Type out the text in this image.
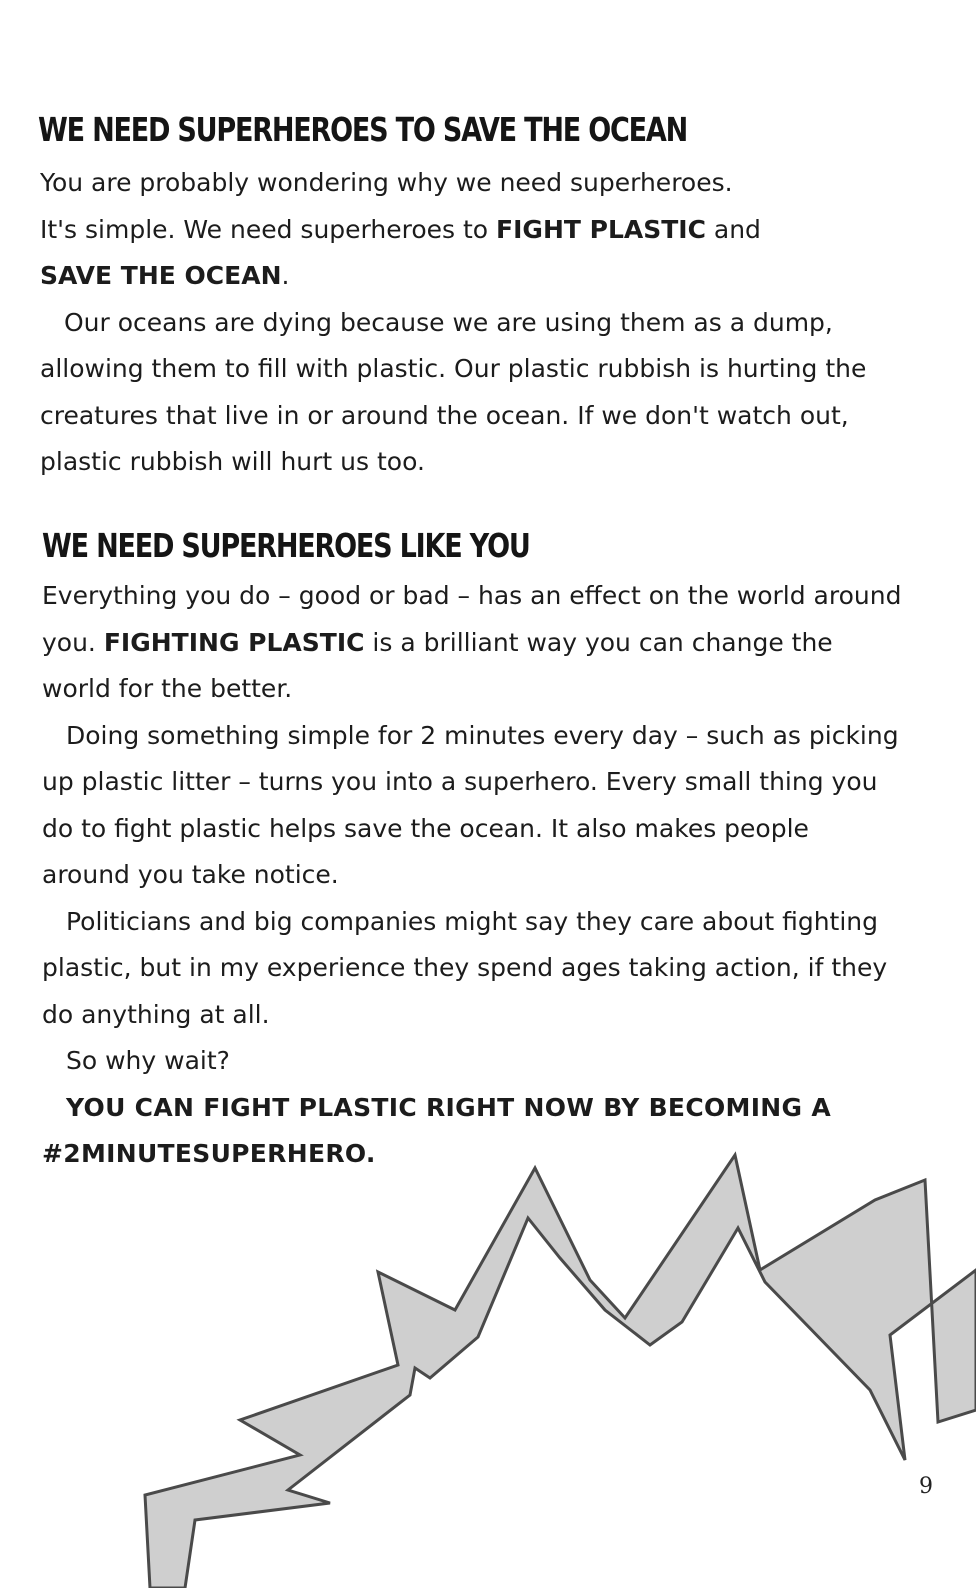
WE NEED SUPERHEROES TO SAVE THE OCEAN

You are probably wondering why we need superheroes.
It's simple. We need superheroes to FIGHT PLASTIC and
SAVE THE OCEAN.

Our oceans are dying because we are using them as a dump, allowing them to fill with plastic. Our plastic rubbish is hurting the creatures that live in or around the ocean. If we don't watch out, plastic rubbish will hurt us too.

WE NEED SUPERHEROES LIKE YOU

Everything you do – good or bad – has an effect on the world around you. FIGHTING PLASTIC is a brilliant way you can change the world for the better.

Doing something simple for 2 minutes every day – such as picking up plastic litter – turns you into a superhero. Every small thing you do to fight plastic helps save the ocean. It also makes people around you take notice.

Politicians and big companies might say they care about fighting plastic, but in my experience they spend ages taking action, if they do anything at all.

So why wait?

YOU CAN FIGHT PLASTIC RIGHT NOW BY BECOMING A #2MINUTESUPERHERO.

9
